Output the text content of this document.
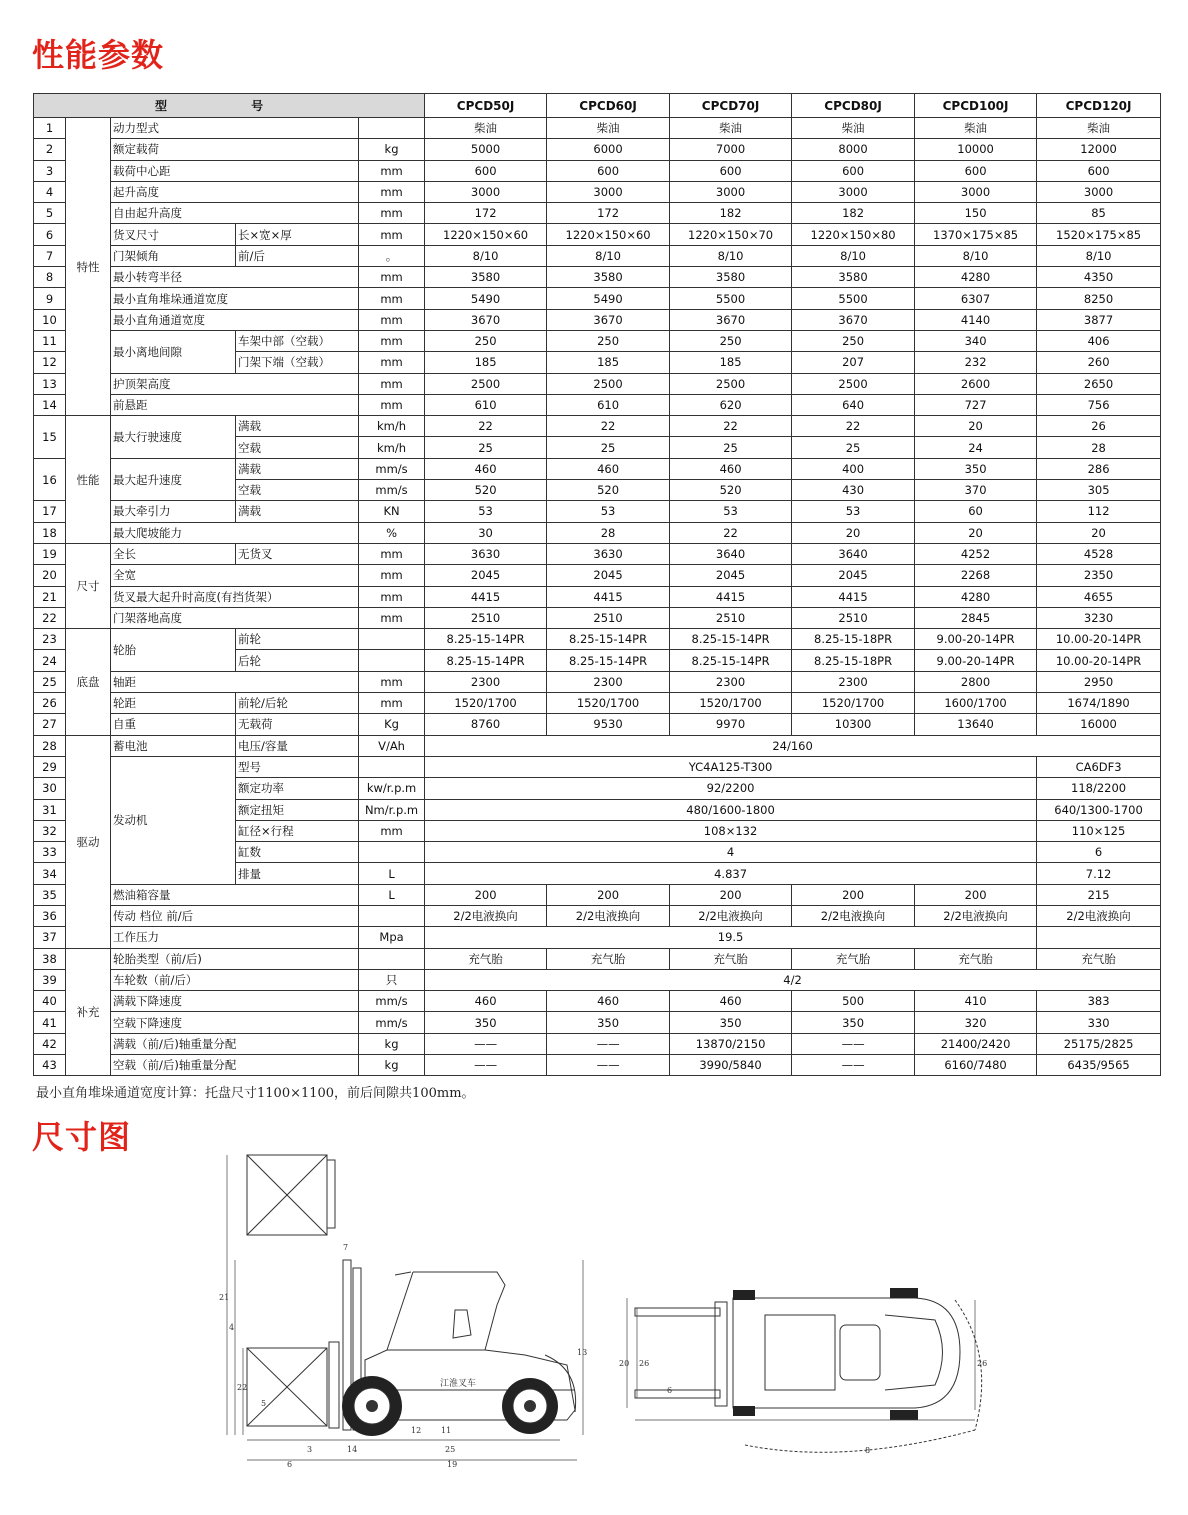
性能参数
型 号					CPCD50J	CPCD60J	CPCD70J	CPCD80J	CPCD100J	CPCD120J
1	特性	动力型式			柴油	柴油	柴油	柴油	柴油	柴油
2		额定载荷		kg	5000	6000	7000	8000	10000	12000
3		载荷中心距		mm	600	600	600	600	600	600
4		起升高度		mm	3000	3000	3000	3000	3000	3000
5		自由起升高度		mm	172	172	182	182	150	85
6		货叉尺寸	长×宽×厚	mm	1220×150×60	1220×150×60	1220×150×70	1220×150×80	1370×175×85	1520×175×85
7		门架倾角	前/后	。	8/10	8/10	8/10	8/10	8/10	8/10
8		最小转弯半径		mm	3580	3580	3580	3580	4280	4350
9		最小直角堆垛通道宽度		mm	5490	5490	5500	5500	6307	8250
10		最小直角通道宽度		mm	3670	3670	3670	3670	4140	3877
11		最小离地间隙	车架中部（空载）	mm	250	250	250	250	340	406
12			门架下端（空载）	mm	185	185	185	207	232	260
13		护顶架高度		mm	2500	2500	2500	2500	2600	2650
14		前悬距		mm	610	610	620	640	727	756
15	性能	最大行驶速度	满载	km/h	22	22	22	22	20	26
			空载	km/h	25	25	25	25	24	28
16		最大起升速度	满载	mm/s	460	460	460	400	350	286
			空载	mm/s	520	520	520	430	370	305
17		最大牵引力	满载	KN	53	53	53	53	60	112
18		最大爬坡能力		%	30	28	22	20	20	20
19	尺寸	全长	无货叉	mm	3630	3630	3640	3640	4252	4528
20		全宽		mm	2045	2045	2045	2045	2268	2350
21		货叉最大起升时高度(有挡货架）		mm	4415	4415	4415	4415	4280	4655
22		门架落地高度		mm	2510	2510	2510	2510	2845	3230
23	底盘	轮胎	前轮		8.25-15-14PR	8.25-15-14PR	8.25-15-14PR	8.25-15-18PR	9.00-20-14PR	10.00-20-14PR
24			后轮		8.25-15-14PR	8.25-15-14PR	8.25-15-14PR	8.25-15-18PR	9.00-20-14PR	10.00-20-14PR
25		轴距		mm	2300	2300	2300	2300	2800	2950
26		轮距	前轮/后轮	mm	1520/1700	1520/1700	1520/1700	1520/1700	1600/1700	1674/1890
27		自重	无载荷	Kg	8760	9530	9970	10300	13640	16000
28	驱动	蓄电池	电压/容量	V/Ah	24/160					
29		发动机	型号		YC4A125-T300					CA6DF3
30			额定功率	kw/r.p.m	92/2200					118/2200
31			额定扭矩	Nm/r.p.m	480/1600-1800					640/1300-1700
32			缸径×行程	mm	108×132					110×125
33			缸数		4					6
34			排量	L	4.837					7.12
35		燃油箱容量		L	200	200	200	200	200	215
36		传动 档位 前/后			2/2电液换向	2/2电液换向	2/2电液换向	2/2电液换向	2/2电液换向	2/2电液换向
37		工作压力		Mpa	19.5					
38	补充	轮胎类型（前/后)			充气胎	充气胎	充气胎	充气胎	充气胎	充气胎
39		车轮数（前/后）		只	4/2					
40		满载下降速度		mm/s	460	460	460	500	410	383
41		空载下降速度		mm/s	350	350	350	350	320	330
42		满载（前/后)轴重量分配		kg	——	——	13870/2150	——	21400/2420	25175/2825
43		空载（前/后)轴重量分配		kg	——	——	3990/5840	——	6160/7480	6435/9565
最小直角堆垛通道宽度计算：托盘尺寸1100×1100，前后间隙共100mm。
尺寸图
江淮叉车
21
4
22
13
5
7
3	14
12 11
25
6	19
20 26	26
6
8
